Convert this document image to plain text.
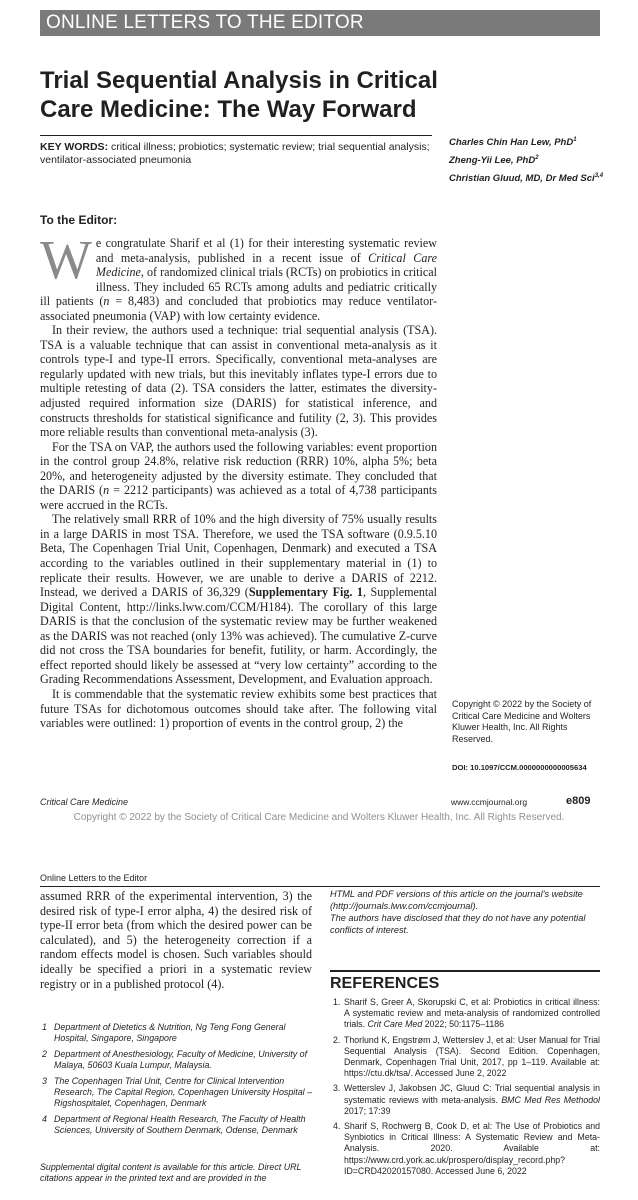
ONLINE LETTERS TO THE EDITOR
Trial Sequential Analysis in Critical Care Medicine: The Way Forward
KEY WORDS: critical illness; probiotics; systematic review; trial sequential analysis; ventilator-associated pneumonia
Charles Chin Han Lew, PhD$^1$
Zheng-Yii Lee, PhD$^2$
Christian Gluud, MD, Dr Med Sci$^{3,4}$
To the Editor:

We congratulate Sharif et al (1) for their interesting systematic review and meta-analysis, published in a recent issue of Critical Care Medicine, of randomized clinical trials (RCTs) on probiotics in critical illness. They included 65 RCTs among adults and pediatric critically ill patients (n = 8,483) and concluded that probiotics may reduce ventilator-associated pneumonia (VAP) with low certainty evidence.

In their review, the authors used a technique: trial sequential analysis (TSA). TSA is a valuable technique that can assist in conventional meta-analysis as it controls type-I and type-II errors. Specifically, conventional meta-analyses are regularly updated with new trials, but this inevitably inflates type-I errors due to multiple retesting of data (2). TSA considers the latter, estimates the diversity-adjusted required information size (DARIS) for statistical inference, and constructs thresholds for statistical significance and futility (2, 3). This provides more reliable results than conventional meta-analysis (3).

For the TSA on VAP, the authors used the following variables: event proportion in the control group 24.8%, relative risk reduction (RRR) 10%, alpha 5%; beta 20%, and heterogeneity adjusted by the diversity estimate. They concluded that the DARIS (n = 2212 participants) was achieved as a total of 4,738 participants were accrued in the RCTs.

The relatively small RRR of 10% and the high diversity of 75% usually results in a large DARIS in most TSA. Therefore, we used the TSA software (0.9.5.10 Beta, The Copenhagen Trial Unit, Copenhagen, Denmark) and executed a TSA according to the variables outlined in their supplementary material in (1) to replicate their results. However, we are unable to derive a DARIS of 2212. Instead, we derived a DARIS of 36,329 (Supplementary Fig. 1, Supplemental Digital Content, http://links.lww.com/CCM/H184). The corollary of this large DARIS is that the conclusion of the systematic review may be further weakened as the DARIS was not reached (only 13% was achieved). The cumulative Z-curve did not cross the TSA boundaries for benefit, futility, or harm. Accordingly, the effect reported should likely be assessed at “very low certainty” according to the Grading Recommendations Assessment, Development, and Evaluation approach.

It is commendable that the systematic review exhibits some best practices that future TSAs for dichotomous outcomes should take after. The following vital variables were outlined: 1) proportion of events in the control group, 2) the

Copyright © 2022 by the Society of Critical Care Medicine and Wolters Kluwer Health, Inc. All Rights Reserved.
DOI: 10.1097/CCM.0000000000005634
Critical Care Medicine	www.ccmjournal.org	e809
Copyright © 2022 by the Society of Critical Care Medicine and Wolters Kluwer Health, Inc. All Rights Reserved.
Online Letters to the Editor
assumed RRR of the experimental intervention, 3) the desired risk of type-I error alpha, 4) the desired risk of type-II error beta (from which the desired power can be calculated), and 5) the heterogeneity correction if a random effects model is chosen. Such variables should ideally be specified a priori in a systematic review registry or in a published protocol (4).
1 Department of Dietetics & Nutrition, Ng Teng Fong General Hospital, Singapore, Singapore
2 Department of Anesthesiology, Faculty of Medicine, University of Malaya, 50603 Kuala Lumpur, Malaysia.
3 The Copenhagen Trial Unit, Centre for Clinical Intervention Research, The Capital Region, Copenhagen University Hospital – Rigshospitalet, Copenhagen, Denmark
4 Department of Regional Health Research, The Faculty of Health Sciences, University of Southern Denmark, Odense, Denmark
Supplemental digital content is available for this article. Direct URL citations appear in the printed text and are provided in the

HTML and PDF versions of this article on the journal’s website (http://journals.lww.com/ccmjournal).

The authors have disclosed that they do not have any potential conflicts of interest.

REFERENCES
1. Sharif S, Greer A, Skorupski C, et al: Probiotics in critical illness: A systematic review and meta-analysis of randomized controlled trials. Crit Care Med 2022; 50:1175–1186
2. Thorlund K, Engstrøm J, Wetterslev J, et al: User Manual for Trial Sequential Analysis (TSA). Second Edition. Copenhagen, Denmark, Copenhagen Trial Unit, 2017, pp 1–119. Available at: https://ctu.dk/tsa/. Accessed June 2, 2022
3. Wetterslev J, Jakobsen JC, Gluud C: Trial sequential analysis in systematic reviews with meta-analysis. BMC Med Res Methodol 2017; 17:39
4. Sharif S, Rochwerg B, Cook D, et al: The Use of Probiotics and Synbiotics in Critical Illness: A Systematic Review and Meta-Analysis. 2020. Available at: https://www.crd.york.ac.uk/prospero/display_record.php?ID=CRD42020157080. Accessed June 6, 2022
